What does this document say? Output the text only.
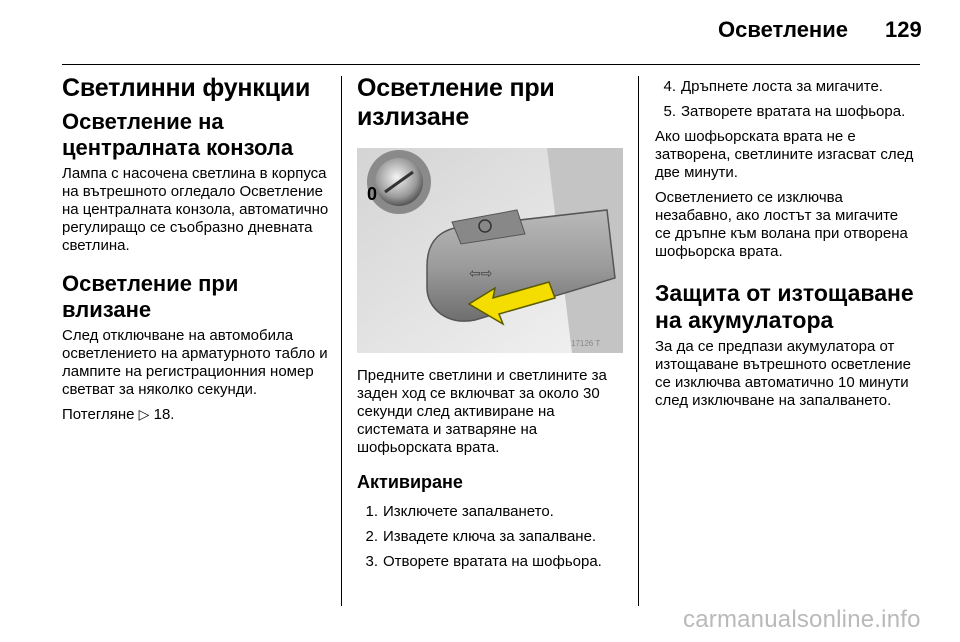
Осветление 129
Светлинни функции
Осветление на централната конзола

Лампа с насочена светлина в корпуса на вътрешното огледало Осветление на централната конзола, автоматично регулиращо се съобразно дневната светлина.

Осветление при влизане

След отключване на автомобила осветлението на арматурното табло и лампите на регистрационния номер светват за няколко секунди.

Потегляне ▷ 18.

Осветление при излизане
0
⇦⇨
17126 T

Предните светлини и светлините за заден ход се включват за около 30 секунди след активиране на системата и затваряне на шофьорската врата.

Активиране
1. Изключете запалването.
2. Извадете ключа за запалване.
3. Отворете вратата на шофьора.
4. Дръпнете лоста за мигачите.
5. Затворете вратата на шофьора.

Ако шофьорската врата не е затворена, светлините изгасват след две минути.

Осветлението се изключва незабавно, ако лостът за мигачите се дръпне към волана при отворена шофьорска врата.

Защита от изтощаване на акумулатора

За да се предпази акумулатора от изтощаване вътрешното осветление се изключва автоматично 10 минути след изключване на запалването.

carmanualsonline.info
